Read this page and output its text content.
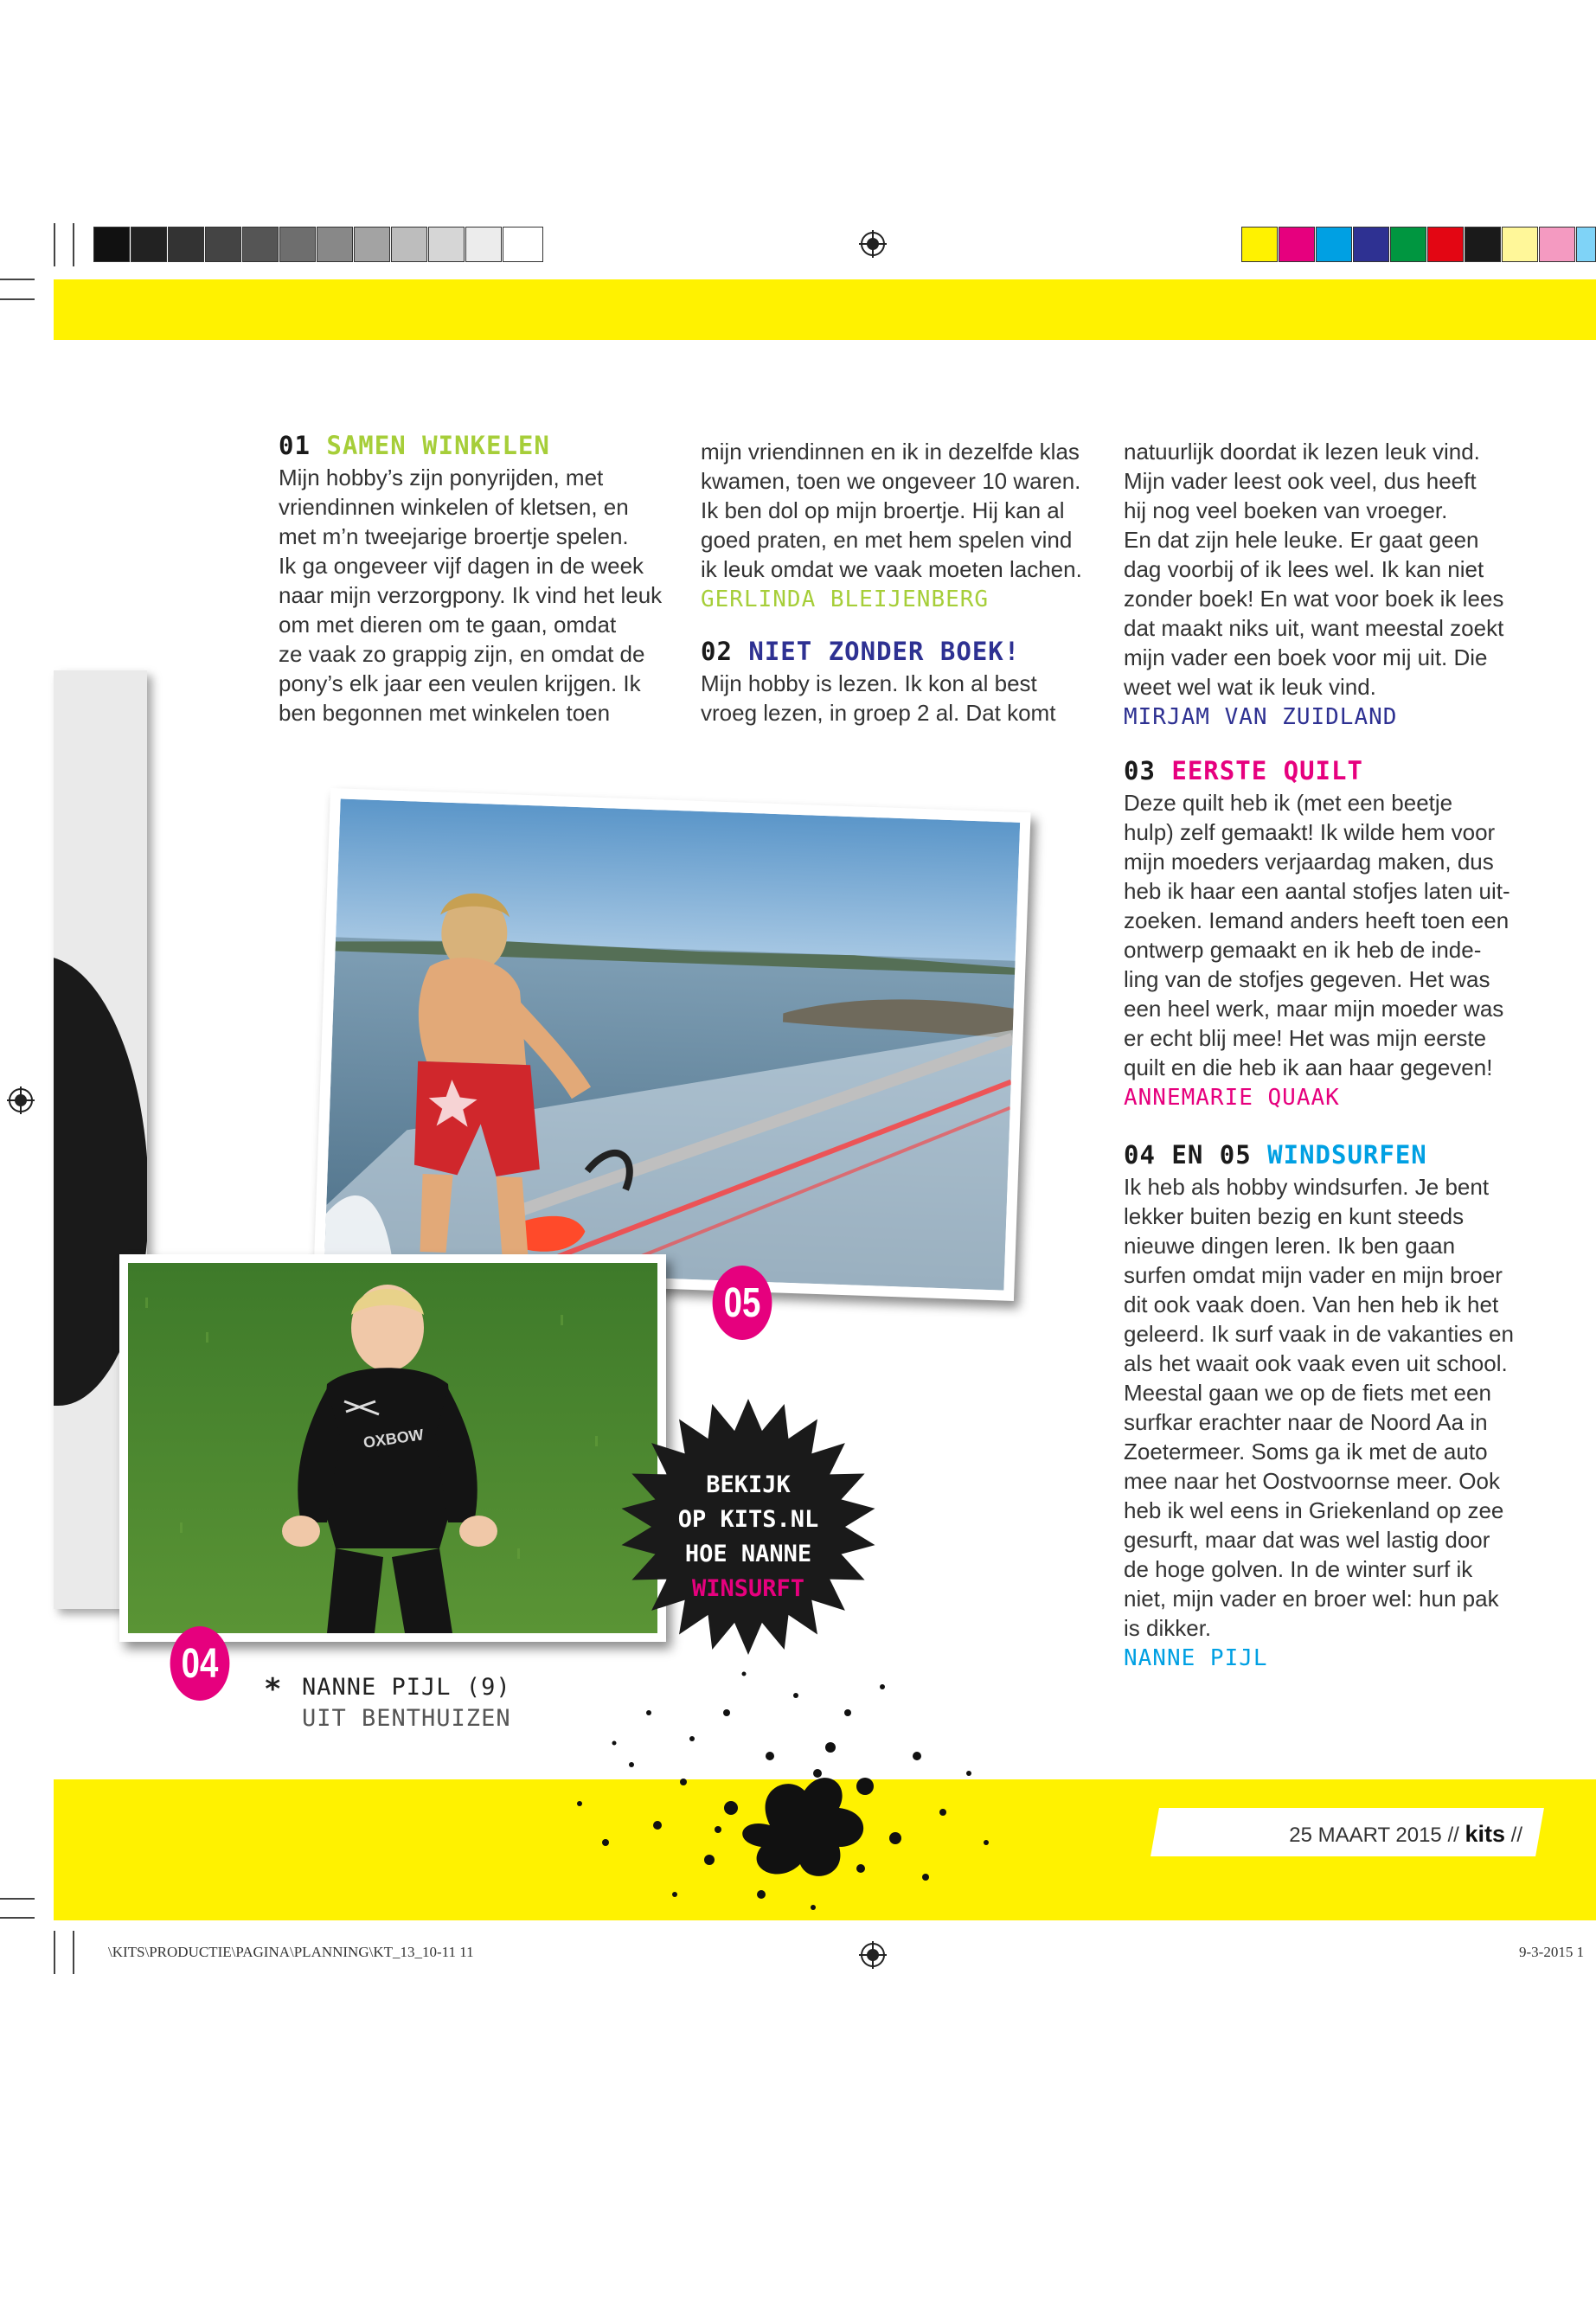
01 SAMEN WINKELEN

Mijn hobby’s zijn ponyrijden, met

vriendinnen winkelen of kletsen, en

met m’n tweejarige broertje spelen.

Ik ga ongeveer vijf dagen in de week

naar mijn verzorgpony. Ik vind het leuk

om met dieren om te gaan, omdat

ze vaak zo grappig zijn, en omdat de

pony’s elk jaar een veulen krijgen. Ik

ben begonnen met winkelen toen

mijn vriendinnen en ik in dezelfde klas

kwamen, toen we ongeveer 10 waren.

Ik ben dol op mijn broertje. Hij kan al

goed praten, en met hem spelen vind

ik leuk omdat we vaak moeten lachen.

GERLINDA BLEIJENBERG
02 NIET ZONDER BOEK!

Mijn hobby is lezen. Ik kon al best

vroeg lezen, in groep 2 al. Dat komt

natuurlijk doordat ik lezen leuk vind.

Mijn vader leest ook veel, dus heeft

hij nog veel boeken van vroeger.

En dat zijn hele leuke. Er gaat geen

dag voorbij of ik lees wel. Ik kan niet

zonder boek! En wat voor boek ik lees

dat maakt niks uit, want meestal zoekt

mijn vader een boek voor mij uit. Die

weet wel wat ik leuk vind.

MIRJAM VAN ZUIDLAND
03 EERSTE QUILT

Deze quilt heb ik (met een beetje

hulp) zelf gemaakt! Ik wilde hem voor

mijn moeders verjaardag maken, dus

heb ik haar een aantal stofjes laten uit-

zoeken. Iemand anders heeft toen een

ontwerp gemaakt en ik heb de inde-

ling van de stofjes gegeven. Het was

een heel werk, maar mijn moeder was

er echt blij mee! Het was mijn eerste

quilt en die heb ik aan haar gegeven!

ANNEMARIE QUAAK
04 EN 05 WINDSURFEN

Ik heb als hobby windsurfen. Je bent

lekker buiten bezig en kunt steeds

nieuwe dingen leren. Ik ben gaan

surfen omdat mijn vader en mijn broer

dit ook vaak doen. Van hen heb ik het

geleerd. Ik surf vaak in de vakanties en

als het waait ook vaak even uit school.

Meestal gaan we op de fiets met een

surfkar erachter naar de Noord Aa in

Zoetermeer. Soms ga ik met de auto

mee naar het Oostvoornse meer. Ook

heb ik wel eens in Griekenland op zee

gesurft, maar dat was wel lastig door

de hoge golven. In de winter surf ik

niet, mijn vader en broer wel: hun pak

is dikker.

NANNE PIJL
05
OXBOW
04
BEKIJK
OP KITS.NL
HOE NANNE
WINSURFT
* NANNE PIJL (9)
UIT BENTHUIZEN
25 MAART 2015 // kits //
\KITS\PRODUCTIE\PAGINA\PLANNING\KT_13_10-11 11	9-3-2015 1
